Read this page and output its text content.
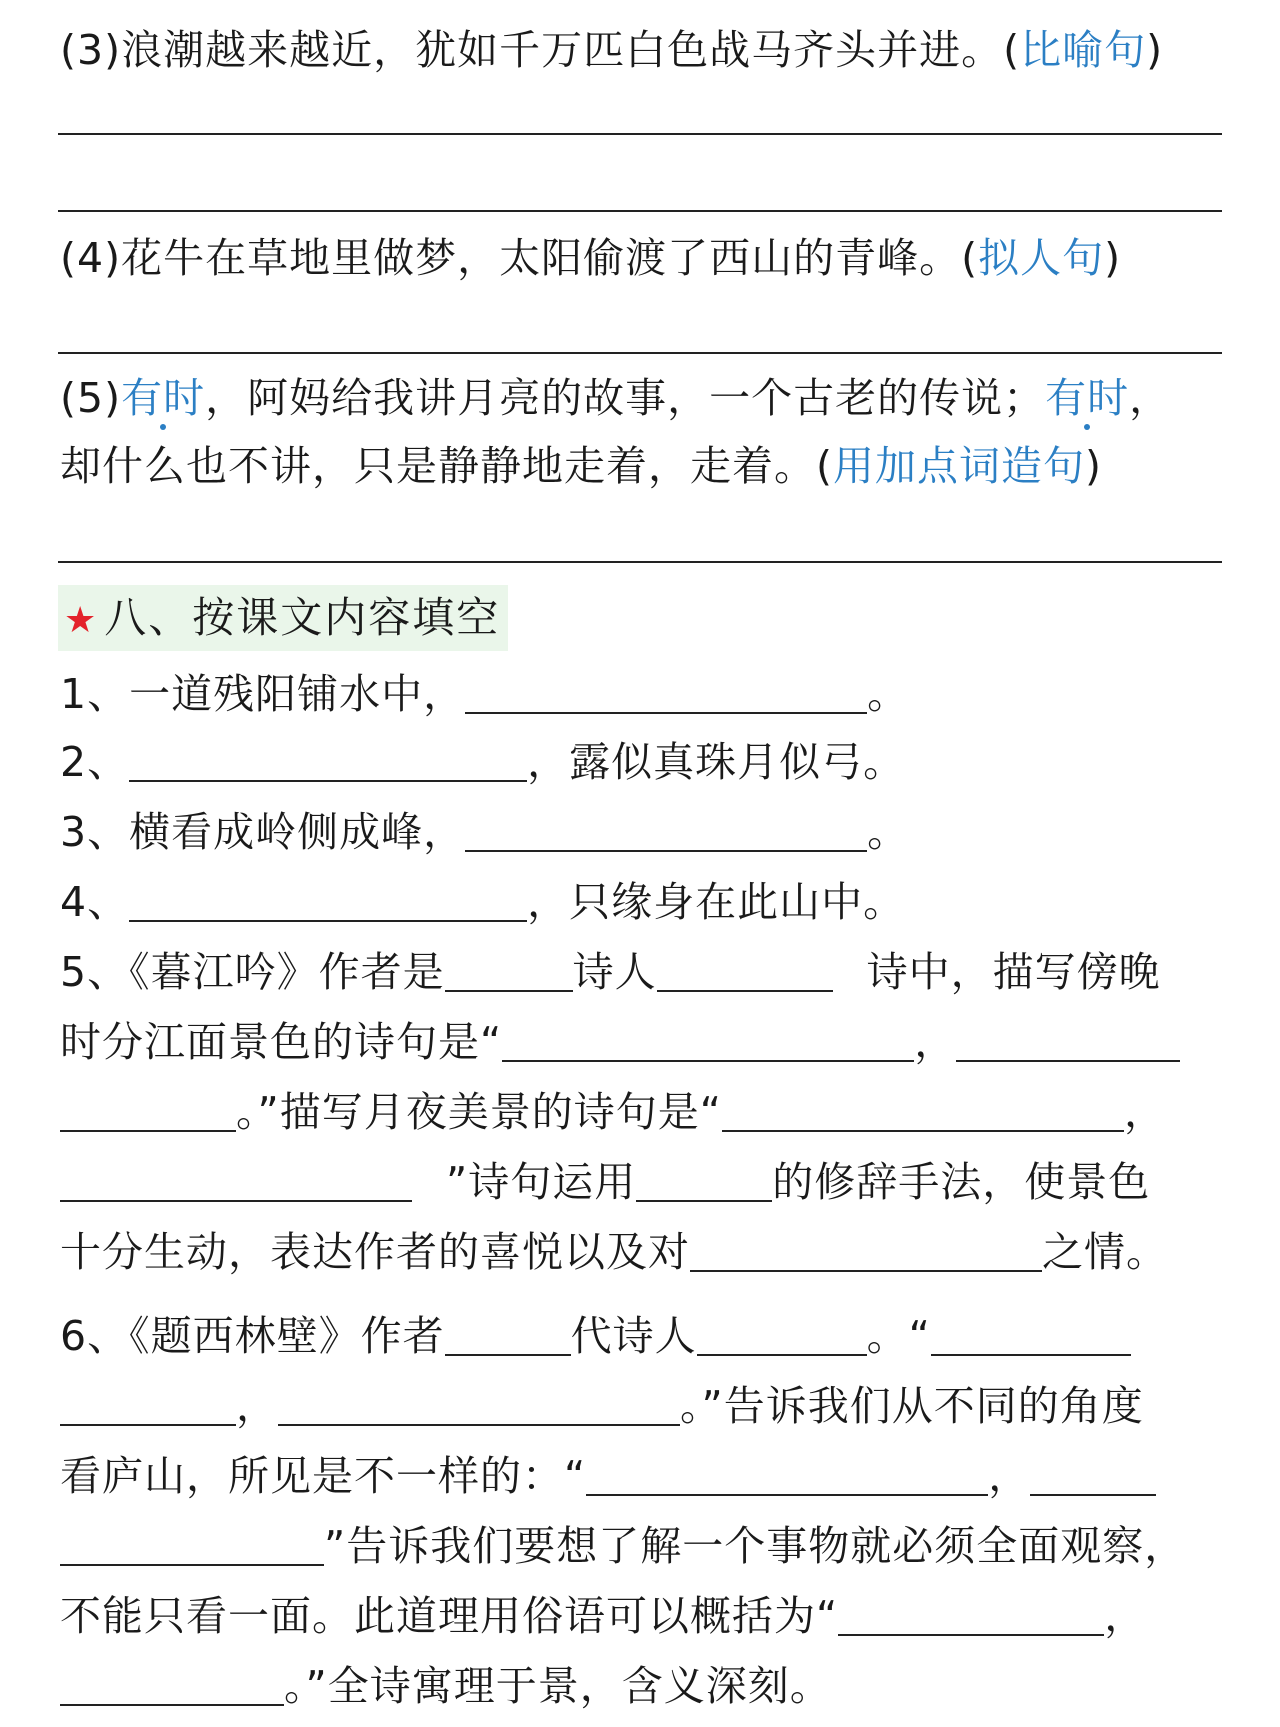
(3)浪潮越来越近，犹如千万匹白色战马齐头并进。(比喻句)
(4)花牛在草地里做梦，太阳偷渡了西山的青峰。(拟人句)
(5)有时，阿妈给我讲月亮的故事，一个古老的传说；有时，
却什么也不讲，只是静静地走着，走着。(用加点词造句)
★ 八、按课文内容填空
1、一道残阳铺水中，	。
2、	，露似真珠月似弓。
3、横看成岭侧成峰，	。
4、	，只缘身在此山中。
5、《暮江吟》作者是	诗人	诗中，描写傍晚
时分江面景色的诗句是“	，
。”描写月夜美景的诗句是“	，
”诗句运用	的修辞手法，使景色
十分生动，表达作者的喜悦以及对	之情。
6、《题西林壁》作者	代诗人	。“
，	。”告诉我们从不同的角度
看庐山，所见是不一样的：“	，
”告诉我们要想了解一个事物就必须全面观察，
不能只看一面。此道理用俗语可以概括为“	，
。”全诗寓理于景，含义深刻。
